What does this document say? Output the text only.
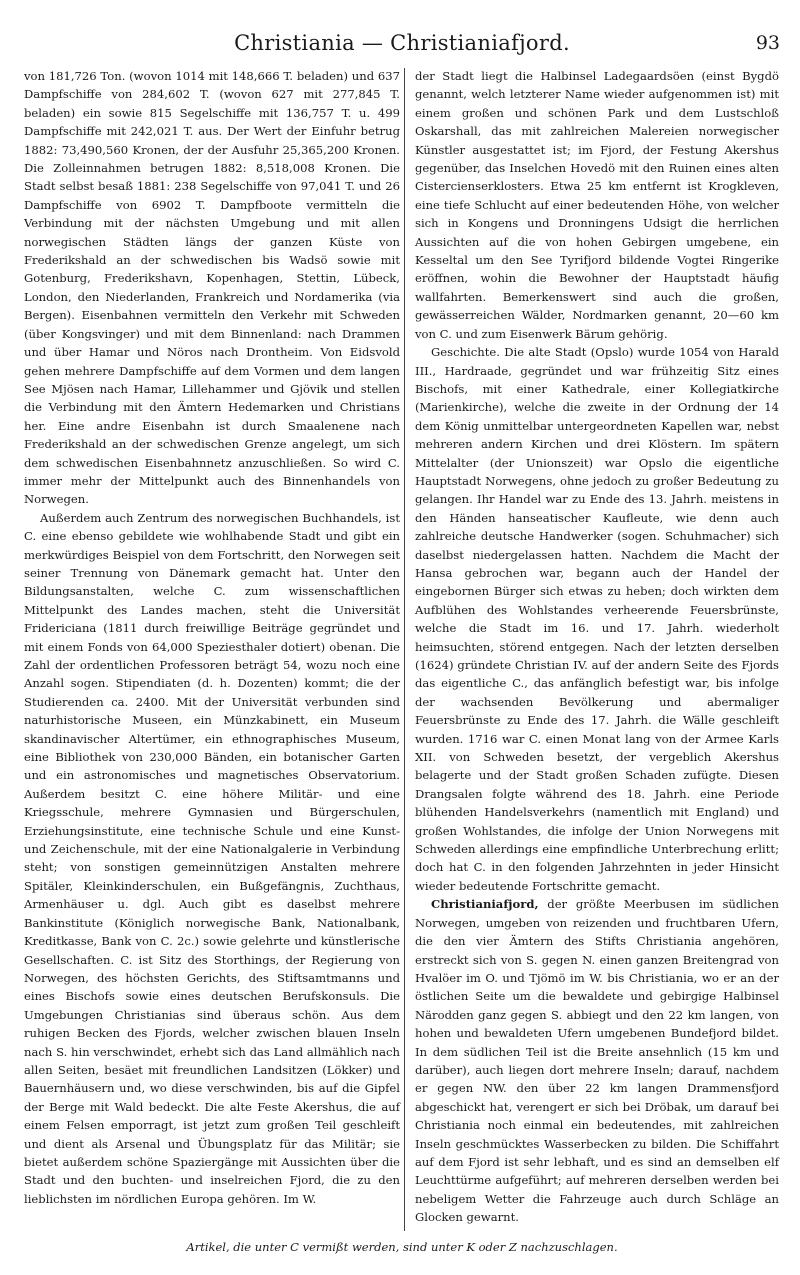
Christiania — Christianiafjord.	93

von 181,726 Ton. (wovon 1014 mit 148,666 T. beladen) und 637 Dampfschiffe von 284,602 T. (wovon 627 mit 277,845 T. beladen) ein sowie 815 Segelschiffe mit 136,757 T. u. 499 Dampfschiffe mit 242,021 T. aus. Der Wert der Einfuhr betrug 1882: 73,490,560 Kronen, der der Ausfuhr 25,365,200 Kronen. Die Zolleinnahmen betrugen 1882: 8,518,008 Kronen. Die Stadt selbst besaß 1881: 238 Segelschiffe von 97,041 T. und 26 Dampfschiffe von 6902 T. Dampfboote vermitteln die Verbindung mit der nächsten Umgebung und mit allen norwegischen Städten längs der ganzen Küste von Frederikshald an der schwedischen bis Wadsö sowie mit Gotenburg, Frederikshavn, Kopenhagen, Stettin, Lübeck, London, den Niederlanden, Frankreich und Nordamerika (via Bergen). Eisenbahnen vermitteln den Verkehr mit Schweden (über Kongsvinger) und mit dem Binnenland: nach Drammen und über Hamar und Nöros nach Drontheim. Von Eidsvold gehen mehrere Dampfschiffe auf dem Vormen und dem langen See Mjösen nach Hamar, Lillehammer und Gjövik und stellen die Verbindung mit den Ämtern Hedemarken und Christians her. Eine andre Eisenbahn ist durch Smaalenene nach Frederikshald an der schwedischen Grenze angelegt, um sich dem schwedischen Eisenbahnnetz anzuschließen. So wird C. immer mehr der Mittelpunkt auch des Binnenhandels von Norwegen.

Außerdem auch Zentrum des norwegischen Buchhandels, ist C. eine ebenso gebildete wie wohlhabende Stadt und gibt ein merkwürdiges Beispiel von dem Fortschritt, den Norwegen seit seiner Trennung von Dänemark gemacht hat. Unter den Bildungsanstalten, welche C. zum wissenschaftlichen Mittelpunkt des Landes machen, steht die Universität Fridericiana (1811 durch freiwillige Beiträge gegründet und mit einem Fonds von 64,000 Speziesthaler dotiert) obenan. Die Zahl der ordentlichen Professoren beträgt 54, wozu noch eine Anzahl sogen. Stipendiaten (d. h. Dozenten) kommt; die der Studierenden ca. 2400. Mit der Universität verbunden sind naturhistorische Museen, ein Münzkabinett, ein Museum skandinavischer Altertümer, ein ethnographisches Museum, eine Bibliothek von 230,000 Bänden, ein botanischer Garten und ein astronomisches und magnetisches Observatorium. Außerdem besitzt C. eine höhere Militär- und eine Kriegsschule, mehrere Gymnasien und Bürgerschulen, Erziehungsinstitute, eine technische Schule und eine Kunst- und Zeichenschule, mit der eine Nationalgalerie in Verbindung steht; von sonstigen gemeinnützigen Anstalten mehrere Spitäler, Kleinkinderschulen, ein Bußgefängnis, Zuchthaus, Armenhäuser u. dgl. Auch gibt es daselbst mehrere Bankinstitute (Königlich norwegische Bank, Nationalbank, Kreditkasse, Bank von C. 2c.) sowie gelehrte und künstlerische Gesellschaften. C. ist Sitz des Storthings, der Regierung von Norwegen, des höchsten Gerichts, des Stiftsamtmanns und eines Bischofs sowie eines deutschen Berufskonsuls. Die Umgebungen Christianias sind überaus schön. Aus dem ruhigen Becken des Fjords, welcher zwischen blauen Inseln nach S. hin verschwindet, erhebt sich das Land allmählich nach allen Seiten, besäet mit freundlichen Landsitzen (Lökker) und Bauernhäusern und, wo diese verschwinden, bis auf die Gipfel der Berge mit Wald bedeckt. Die alte Feste Akershus, die auf einem Felsen emporragt, ist jetzt zum großen Teil geschleift und dient als Arsenal und Übungsplatz für das Militär; sie bietet außerdem schöne Spaziergänge mit Aussichten über die Stadt und den buchten- und inselreichen Fjord, die zu den lieblichsten im nördlichen Europa gehören. Im W.

der Stadt liegt die Halbinsel Ladegaardsöen (einst Bygdö genannt, welch letzterer Name wieder aufgenommen ist) mit einem großen und schönen Park und dem Lustschloß Oskarshall, das mit zahlreichen Malereien norwegischer Künstler ausgestattet ist; im Fjord, der Festung Akershus gegenüber, das Inselchen Hovedö mit den Ruinen eines alten Cistercienserklosters. Etwa 25 km entfernt ist Krogkleven, eine tiefe Schlucht auf einer bedeutenden Höhe, von welcher sich in Kongens und Dronningens Udsigt die herrlichen Aussichten auf die von hohen Gebirgen umgebene, ein Kesseltal um den See Tyrifjord bildende Vogtei Ringerike eröffnen, wohin die Bewohner der Hauptstadt häufig wallfahrten. Bemerkenswert sind auch die großen, gewässerreichen Wälder, Nordmarken genannt, 20—60 km von C. und zum Eisenwerk Bärum gehörig.

Geschichte. Die alte Stadt (Opslo) wurde 1054 von Harald III., Hardraade, gegründet und war frühzeitig Sitz eines Bischofs, mit einer Kathedrale, einer Kollegiatkirche (Marienkirche), welche die zweite in der Ordnung der 14 dem König unmittelbar untergeordneten Kapellen war, nebst mehreren andern Kirchen und drei Klöstern. Im spätern Mittelalter (der Unionszeit) war Opslo die eigentliche Hauptstadt Norwegens, ohne jedoch zu großer Bedeutung zu gelangen. Ihr Handel war zu Ende des 13. Jahrh. meistens in den Händen hanseatischer Kaufleute, wie denn auch zahlreiche deutsche Handwerker (sogen. Schuhmacher) sich daselbst niedergelassen hatten. Nachdem die Macht der Hansa gebrochen war, begann auch der Handel der eingebornen Bürger sich etwas zu heben; doch wirkten dem Aufblühen des Wohlstandes verheerende Feuersbrünste, welche die Stadt im 16. und 17. Jahrh. wiederholt heimsuchten, störend entgegen. Nach der letzten derselben (1624) gründete Christian IV. auf der andern Seite des Fjords das eigentliche C., das anfänglich befestigt war, bis infolge der wachsenden Bevölkerung und abermaliger Feuersbrünste zu Ende des 17. Jahrh. die Wälle geschleift wurden. 1716 war C. einen Monat lang von der Armee Karls XII. von Schweden besetzt, der vergeblich Akershus belagerte und der Stadt großen Schaden zufügte. Diesen Drangsalen folgte während des 18. Jahrh. eine Periode blühenden Handelsverkehrs (namentlich mit England) und großen Wohlstandes, die infolge der Union Norwegens mit Schweden allerdings eine empfindliche Unterbrechung erlitt; doch hat C. in den folgenden Jahrzehnten in jeder Hinsicht wieder bedeutende Fortschritte gemacht.

Christianiafjord, der größte Meerbusen im südlichen Norwegen, umgeben von reizenden und fruchtbaren Ufern, die den vier Ämtern des Stifts Christiania angehören, erstreckt sich von S. gegen N. einen ganzen Breitengrad von Hvalöer im O. und Tjömö im W. bis Christiania, wo er an der östlichen Seite um die bewaldete und gebirgige Halbinsel Närodden ganz gegen S. abbiegt und den 22 km langen, von hohen und bewaldeten Ufern umgebenen Bundefjord bildet. In dem südlichen Teil ist die Breite ansehnlich (15 km und darüber), auch liegen dort mehrere Inseln; darauf, nachdem er gegen NW. den über 22 km langen Drammensfjord abgeschickt hat, verengert er sich bei Dröbak, um darauf bei Christiania noch einmal ein bedeutendes, mit zahlreichen Inseln geschmücktes Wasserbecken zu bilden. Die Schiffahrt auf dem Fjord ist sehr lebhaft, und es sind an demselben elf Leuchttürme aufgeführt; auf mehreren derselben werden bei nebeligem Wetter die Fahrzeuge auch durch Schläge an Glocken gewarnt.

Artikel, die unter C vermißt werden, sind unter K oder Z nachzuschlagen.
